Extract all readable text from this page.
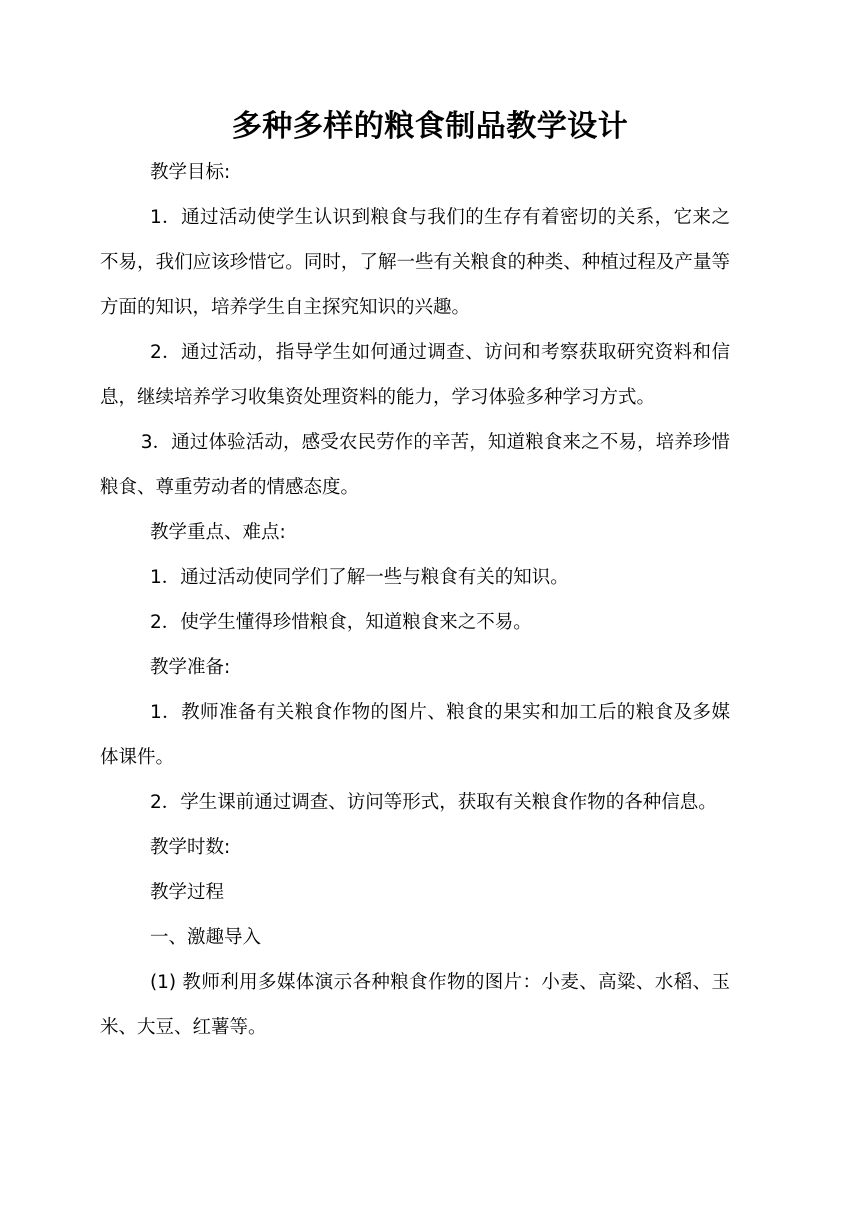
多种多样的粮食制品教学设计

教学目标:

1．通过活动使学生认识到粮食与我们的生存有着密切的关系，它来之不易，我们应该珍惜它。同时，了解一些有关粮食的种类、种植过程及产量等方面的知识，培养学生自主探究知识的兴趣。

2．通过活动，指导学生如何通过调查、访问和考察获取研究资料和信息，继续培养学习收集资处理资料的能力，学习体验多种学习方式。

3．通过体验活动，感受农民劳作的辛苦，知道粮食来之不易，培养珍惜粮食、尊重劳动者的情感态度。

教学重点、难点:

1．通过活动使同学们了解一些与粮食有关的知识。

2．使学生懂得珍惜粮食，知道粮食来之不易。

教学准备:

1．教师准备有关粮食作物的图片、粮食的果实和加工后的粮食及多媒体课件。

2．学生课前通过调查、访问等形式，获取有关粮食作物的各种信息。

教学时数:

教学过程

一、激趣导入

(1) 教师利用多媒体演示各种粮食作物的图片：小麦、高粱、水稻、玉米、大豆、红薯等。
